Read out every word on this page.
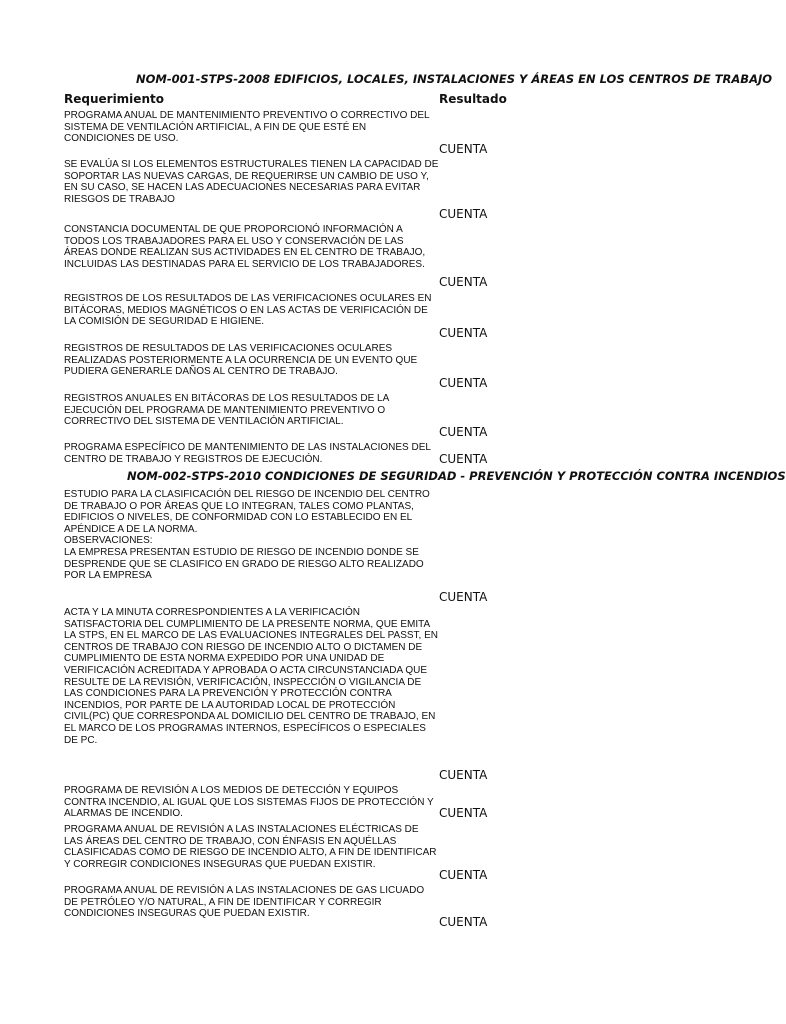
NOM-001-STPS-2008 EDIFICIOS, LOCALES, INSTALACIONES Y ÁREAS EN LOS CENTROS DE TRABAJO
Requerimiento	Resultado
PROGRAMA ANUAL DE MANTENIMIENTO PREVENTIVO O CORRECTIVO DEL SISTEMA DE VENTILACIÓN ARTIFICIAL, A FIN DE QUE ESTÉ EN CONDICIONES DE USO.
CUENTA
SE EVALÚA SI LOS ELEMENTOS ESTRUCTURALES TIENEN LA CAPACIDAD DE SOPORTAR LAS NUEVAS CARGAS, DE REQUERIRSE UN CAMBIO DE USO Y, EN SU CASO, SE HACEN LAS ADECUACIONES NECESARIAS PARA EVITAR RIESGOS DE TRABAJO
CUENTA
CONSTANCIA DOCUMENTAL DE QUE PROPORCIONÓ INFORMACIÓN A TODOS LOS TRABAJADORES PARA EL USO Y CONSERVACIÓN DE LAS ÁREAS DONDE REALIZAN SUS ACTIVIDADES EN EL CENTRO DE TRABAJO, INCLUIDAS LAS DESTINADAS PARA EL SERVICIO DE LOS TRABAJADORES.
CUENTA
REGISTROS DE LOS RESULTADOS DE LAS VERIFICACIONES OCULARES EN BITÁCORAS, MEDIOS MAGNÉTICOS O EN LAS ACTAS DE VERIFICACIÓN DE LA COMISIÓN DE SEGURIDAD E HIGIENE.
CUENTA
REGISTROS DE RESULTADOS DE LAS VERIFICACIONES OCULARES REALIZADAS POSTERIORMENTE A LA OCURRENCIA DE UN EVENTO QUE PUDIERA GENERARLE DAÑOS AL CENTRO DE TRABAJO.
CUENTA
REGISTROS ANUALES EN BITÁCORAS DE LOS RESULTADOS DE LA EJECUCIÓN DEL PROGRAMA DE MANTENIMIENTO PREVENTIVO O CORRECTIVO DEL SISTEMA DE VENTILACIÓN ARTIFICIAL.
CUENTA
PROGRAMA ESPECÍFICO DE MANTENIMIENTO DE LAS INSTALACIONES DEL CENTRO DE TRABAJO Y REGISTROS DE EJECUCIÓN.	CUENTA
NOM-002-STPS-2010 CONDICIONES DE SEGURIDAD - PREVENCIÓN Y PROTECCIÓN CONTRA INCENDIOS

ESTUDIO PARA LA CLASIFICACIÓN DEL RIESGO DE INCENDIO DEL CENTRO DE TRABAJO O POR ÁREAS QUE LO INTEGRAN, TALES COMO PLANTAS, EDIFICIOS O NIVELES, DE CONFORMIDAD CON LO ESTABLECIDO EN EL APÉNDICE A DE LA NORMA.

OBSERVACIONES:

LA EMPRESA PRESENTAN ESTUDIO DE RIESGO DE INCENDIO DONDE SE DESPRENDE QUE SE CLASIFICO EN GRADO DE RIESGO ALTO REALIZADO POR LA EMPRESA

CUENTA
ACTA Y LA MINUTA CORRESPONDIENTES A LA VERIFICACIÓN SATISFACTORIA DEL CUMPLIMIENTO DE LA PRESENTE NORMA, QUE EMITA LA STPS, EN EL MARCO DE LAS EVALUACIONES INTEGRALES DEL PASST, EN CENTROS DE TRABAJO CON RIESGO DE INCENDIO ALTO O DICTAMEN DE CUMPLIMIENTO DE ESTA NORMA EXPEDIDO POR UNA UNIDAD DE VERIFICACIÓN ACREDITADA Y APROBADA O ACTA CIRCUNSTANCIADA QUE RESULTE DE LA REVISIÓN, VERIFICACIÓN, INSPECCIÓN O VIGILANCIA DE LAS CONDICIONES PARA LA PREVENCIÓN Y PROTECCIÓN CONTRA INCENDIOS, POR PARTE DE LA AUTORIDAD LOCAL DE PROTECCIÓN CIVIL(PC) QUE CORRESPONDA AL DOMICILIO DEL CENTRO DE TRABAJO, EN EL MARCO DE LOS PROGRAMAS INTERNOS, ESPECÍFICOS O ESPECIALES DE PC.
CUENTA
PROGRAMA DE REVISIÓN A LOS MEDIOS DE DETECCIÓN Y EQUIPOS CONTRA INCENDIO, AL IGUAL QUE LOS SISTEMAS FIJOS DE PROTECCIÓN Y ALARMAS DE INCENDIO.	CUENTA
PROGRAMA ANUAL DE REVISIÓN A LAS INSTALACIONES ELÉCTRICAS DE LAS ÁREAS DEL CENTRO DE TRABAJO, CON ÉNFASIS EN AQUÉLLAS CLASIFICADAS COMO DE RIESGO DE INCENDIO ALTO, A FIN DE IDENTIFICAR Y CORREGIR CONDICIONES INSEGURAS QUE PUEDAN EXISTIR.
CUENTA
PROGRAMA ANUAL DE REVISIÓN A LAS INSTALACIONES DE GAS LICUADO DE PETRÓLEO Y/O NATURAL, A FIN DE IDENTIFICAR Y CORREGIR CONDICIONES INSEGURAS QUE PUEDAN EXISTIR.
CUENTA
